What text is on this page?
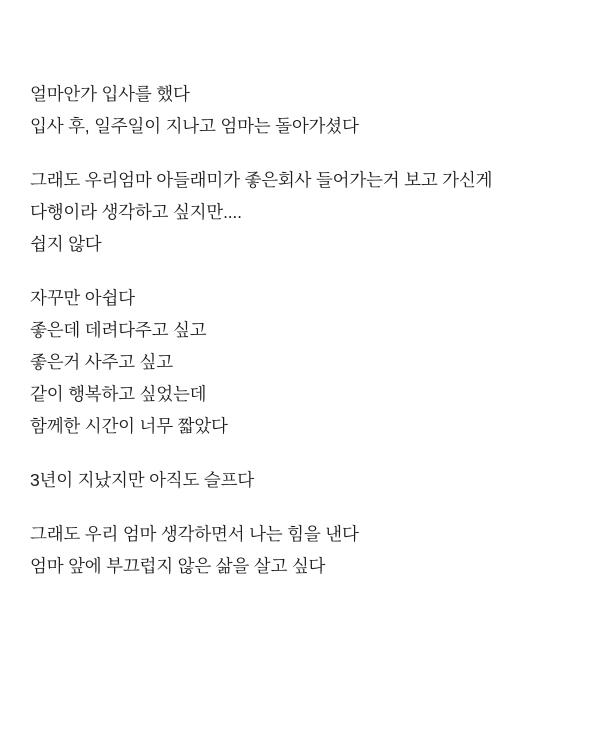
얼마안가 입사를 했다
입사 후, 일주일이 지나고 엄마는 돌아가셨다
그래도 우리엄마 아들래미가 좋은회사 들어가는거 보고 가신게
다행이라 생각하고 싶지만....
쉽지 않다
자꾸만 아쉽다
좋은데 데려다주고 싶고
좋은거 사주고 싶고
같이 행복하고 싶었는데
함께한 시간이 너무 짧았다
3년이 지났지만 아직도 슬프다
그래도 우리 엄마 생각하면서 나는 힘을 낸다
엄마 앞에 부끄럽지 않은 삶을 살고 싶다
